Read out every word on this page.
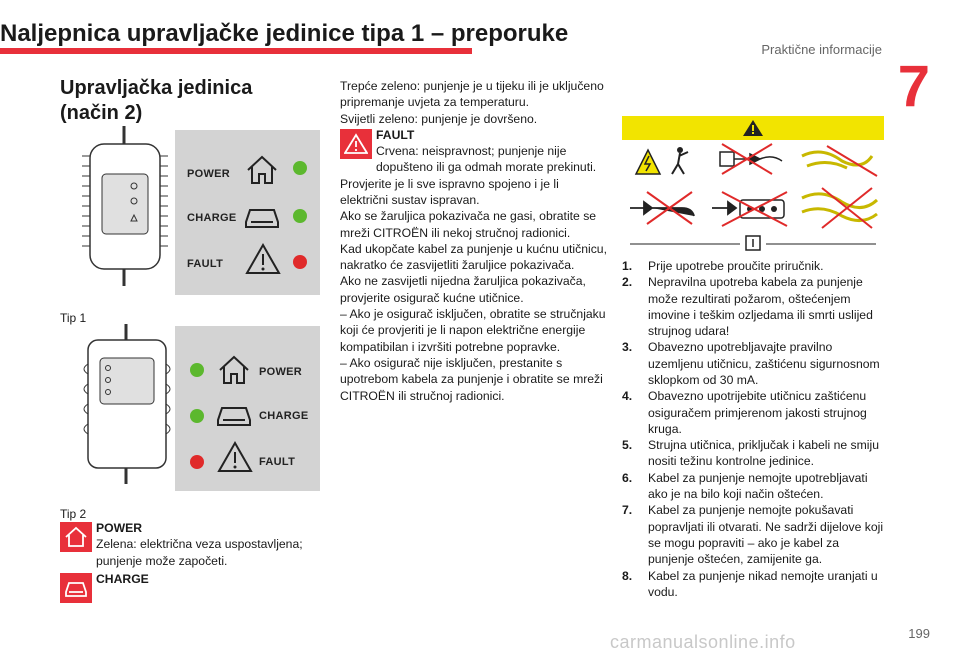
Praktične informacije
7
Upravljačka jedinica (način 2)
POWER
CHARGE
FAULT
Tip 1
POWER
CHARGE
FAULT
Tip 2
POWER
Zelena: električna veza uspostavljena; punjenje može započeti.
CHARGE

Trepće zeleno: punjenje je u tijeku ili je uključeno pripremanje uvjeta za temperaturu.

Svijetli zeleno: punjenje je dovršeno.

FAULT
Crvena: neispravnost; punjenje nije dopušteno ili ga odmah morate prekinuti.

Provjerite je li sve ispravno spojeno i je li električni sustav ispravan.

Ako se žaruljica pokazivača ne gasi, obratite se mreži CITROËN ili nekoj stručnoj radionici.

Kad ukopčate kabel za punjenje u kućnu utičnicu, nakratko će zasvijetliti žaruljice pokazivača.

Ako ne zasvijetli nijedna žaruljica pokazivača, provjerite osigurač kućne utičnice.

– Ako je osigurač isključen, obratite se stručnjaku koji će provjeriti je li napon električne energije kompatibilan i izvršiti potrebne popravke.

– Ako osigurač nije isključen, prestanite s upotrebom kabela za punjenje i obratite se mreži CITROËN ili stručnoj radionici.

Naljepnica upravljačke jedinice tipa 1 – preporuke
1. Prije upotrebe proučite priručnik.
2. Nepravilna upotreba kabela za punjenje može rezultirati požarom, oštećenjem imovine i teškim ozljedama ili smrti uslijed strujnog udara!
3. Obavezno upotrebljavajte pravilno uzemljenu utičnicu, zaštićenu sigurnosnom sklopkom od 30 mA.
4. Obavezno upotrijebite utičnicu zaštićenu osiguračem primjerenom jakosti strujnog kruga.
5. Strujna utičnica, priključak i kabeli ne smiju nositi težinu kontrolne jedinice.
6. Kabel za punjenje nemojte upotrebljavati ako je na bilo koji način oštećen.
7. Kabel za punjenje nemojte pokušavati popravljati ili otvarati. Ne sadrži dijelove koji se mogu popraviti – ako je kabel za punjenje oštećen, zamijenite ga.
8. Kabel za punjenje nikad nemojte uranjati u vodu.
carmanualsonline.info	199
